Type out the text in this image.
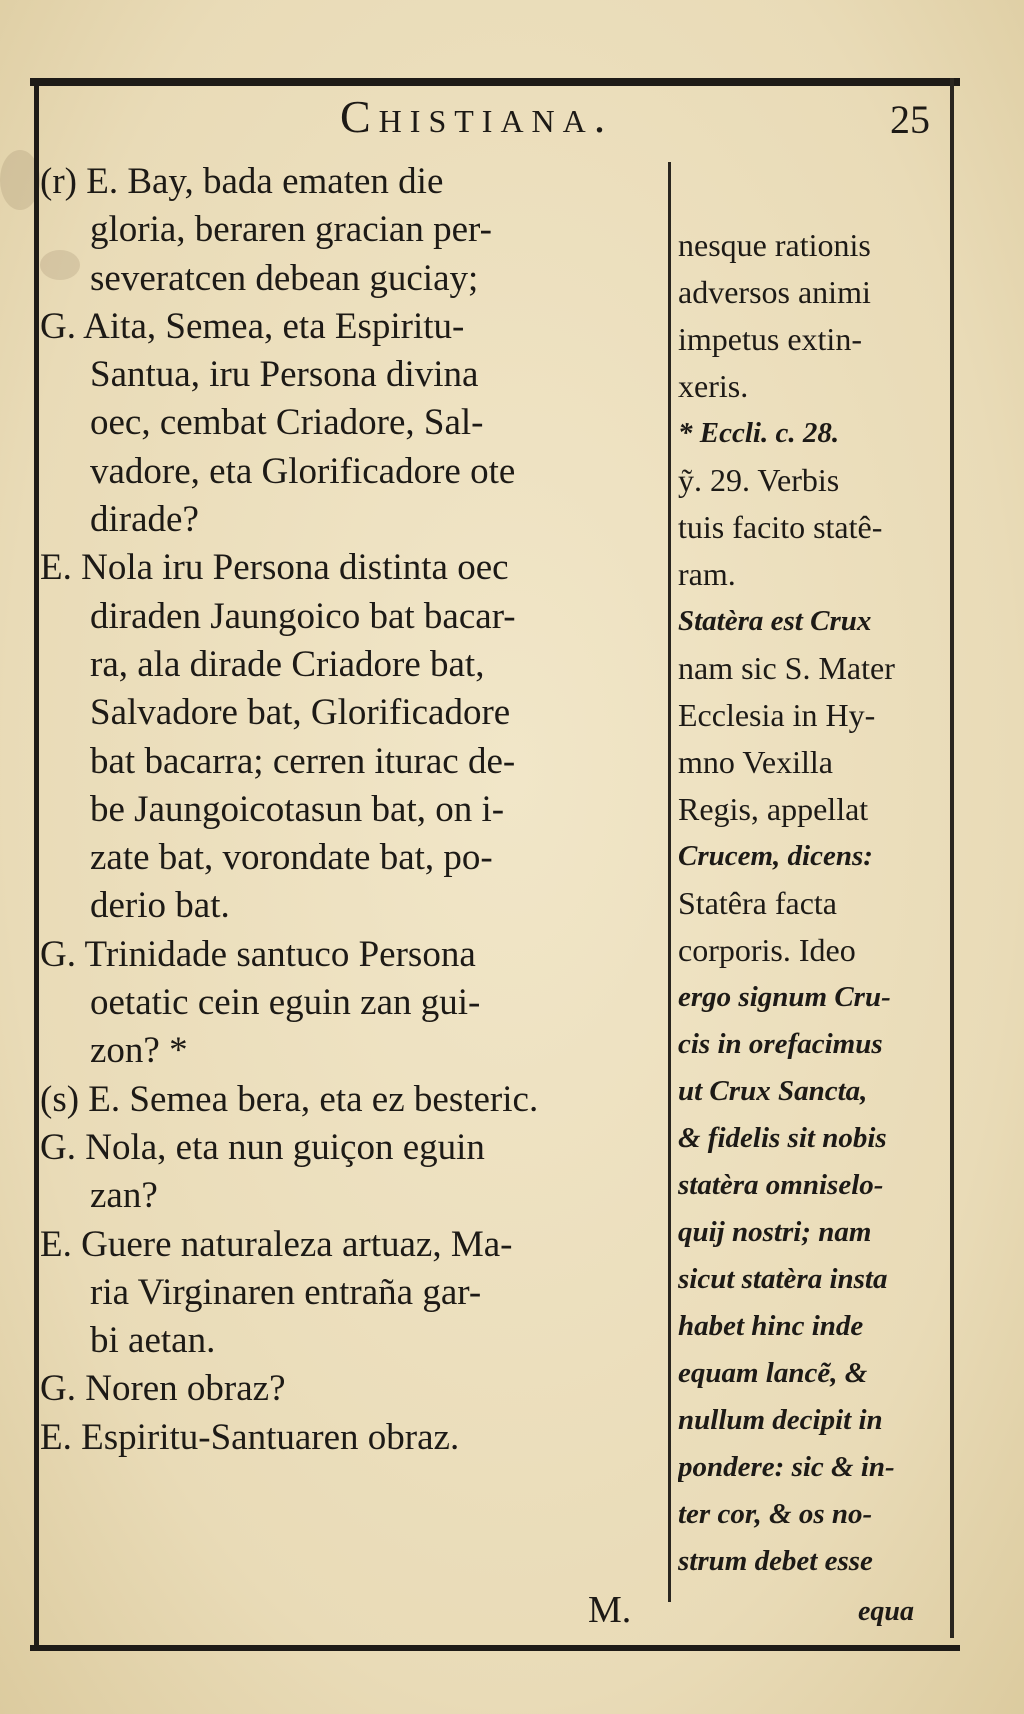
Chistiana.	25
(r) E. Bay, bada ematen die
gloria, beraren gracian per-
severatcen debean guciay;
G. Aita, Semea, eta Espiritu-
Santua, iru Persona divina
oec, cembat Criadore, Sal-
vadore, eta Glorificadore ote
dirade?
E. Nola iru Persona distinta oec
diraden Jaungoico bat bacar-
ra, ala dirade Criadore bat,
Salvadore bat, Glorificadore
bat bacarra; cerren iturac de-
be Jaungoicotasun bat, on i-
zate bat, vorondate bat, po-
derio bat.
G. Trinidade santuco Persona
oetatic cein eguin zan gui-
zon? *
(s) E. Semea bera, eta ez besteric.
G. Nola, eta nun guiçon eguin
zan?
E. Guere naturaleza artuaz, Ma-
ria Virginaren entraña gar-
bi aetan.
G. Noren obraz?
E. Espiritu-Santuaren obraz.
M.
nesque rationis
adversos animi
impetus extin-
xeris.
* Eccli. c. 28.
ỹ. 29. Verbis
tuis facito statê-
ram.
Statèra est Crux
nam sic S. Mater
Ecclesia in Hy-
mno Vexilla
Regis, appellat
Crucem, dicens:
Statêra facta
corporis. Ideo
ergo signum Cru-
cis in orefacimus
ut Crux Sancta,
& fidelis sit nobis
statèra omniselo-
quij nostri; nam
sicut statèra insta
habet hinc inde
equam lancẽ, &
nullum decipit in
pondere: sic & in-
ter cor, & os no-
strum debet esse
equa
